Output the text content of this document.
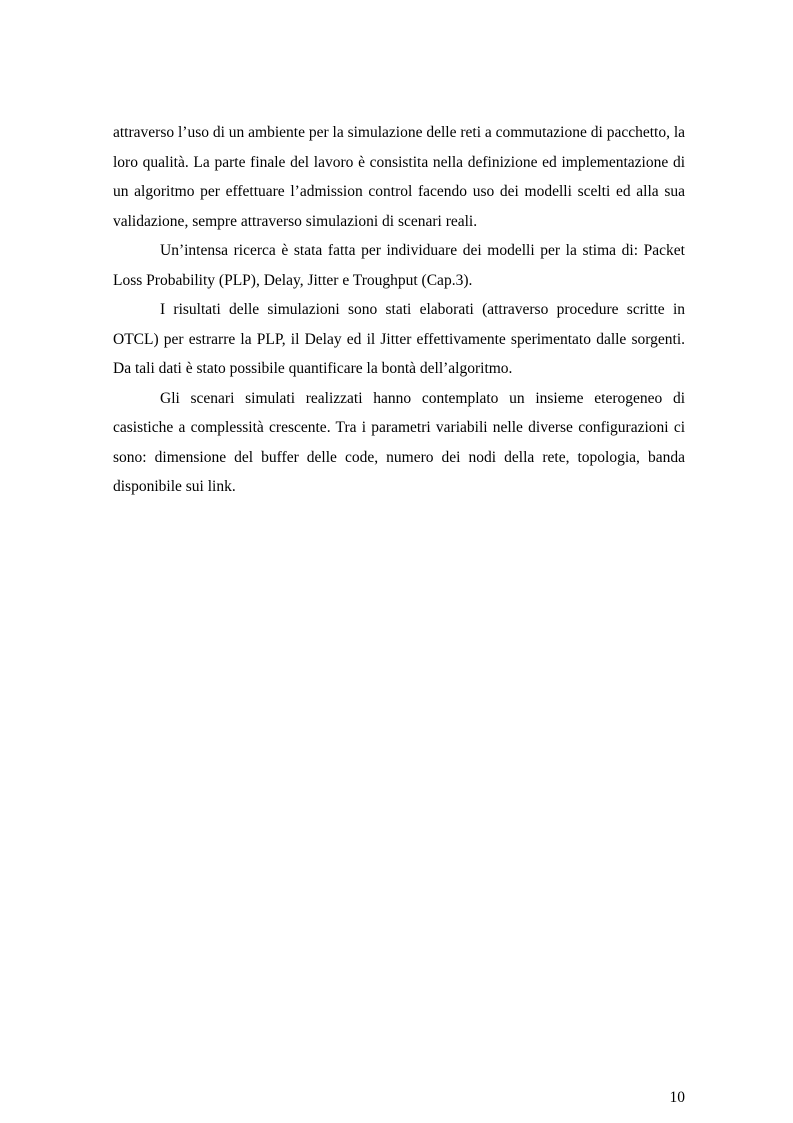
attraverso l’uso di un ambiente per la simulazione delle reti a commutazione di pacchetto, la loro qualità. La parte finale del lavoro è consistita nella definizione ed implementazione di un algoritmo per effettuare l’admission control facendo uso dei modelli scelti ed alla sua validazione, sempre attraverso simulazioni di scenari reali.

Un’intensa ricerca è stata fatta per individuare dei modelli per la stima di: Packet Loss Probability (PLP), Delay, Jitter e Troughput (Cap.3).

I risultati delle simulazioni sono stati elaborati (attraverso procedure scritte in OTCL) per estrarre la PLP, il Delay ed il Jitter effettivamente sperimentato dalle sorgenti. Da tali dati è stato possibile quantificare la bontà dell’algoritmo.

Gli scenari simulati realizzati hanno contemplato un insieme eterogeneo di casistiche a complessità crescente. Tra i parametri variabili nelle diverse configurazioni ci sono: dimensione del buffer delle code, numero dei nodi della rete, topologia, banda disponibile sui link.

10
